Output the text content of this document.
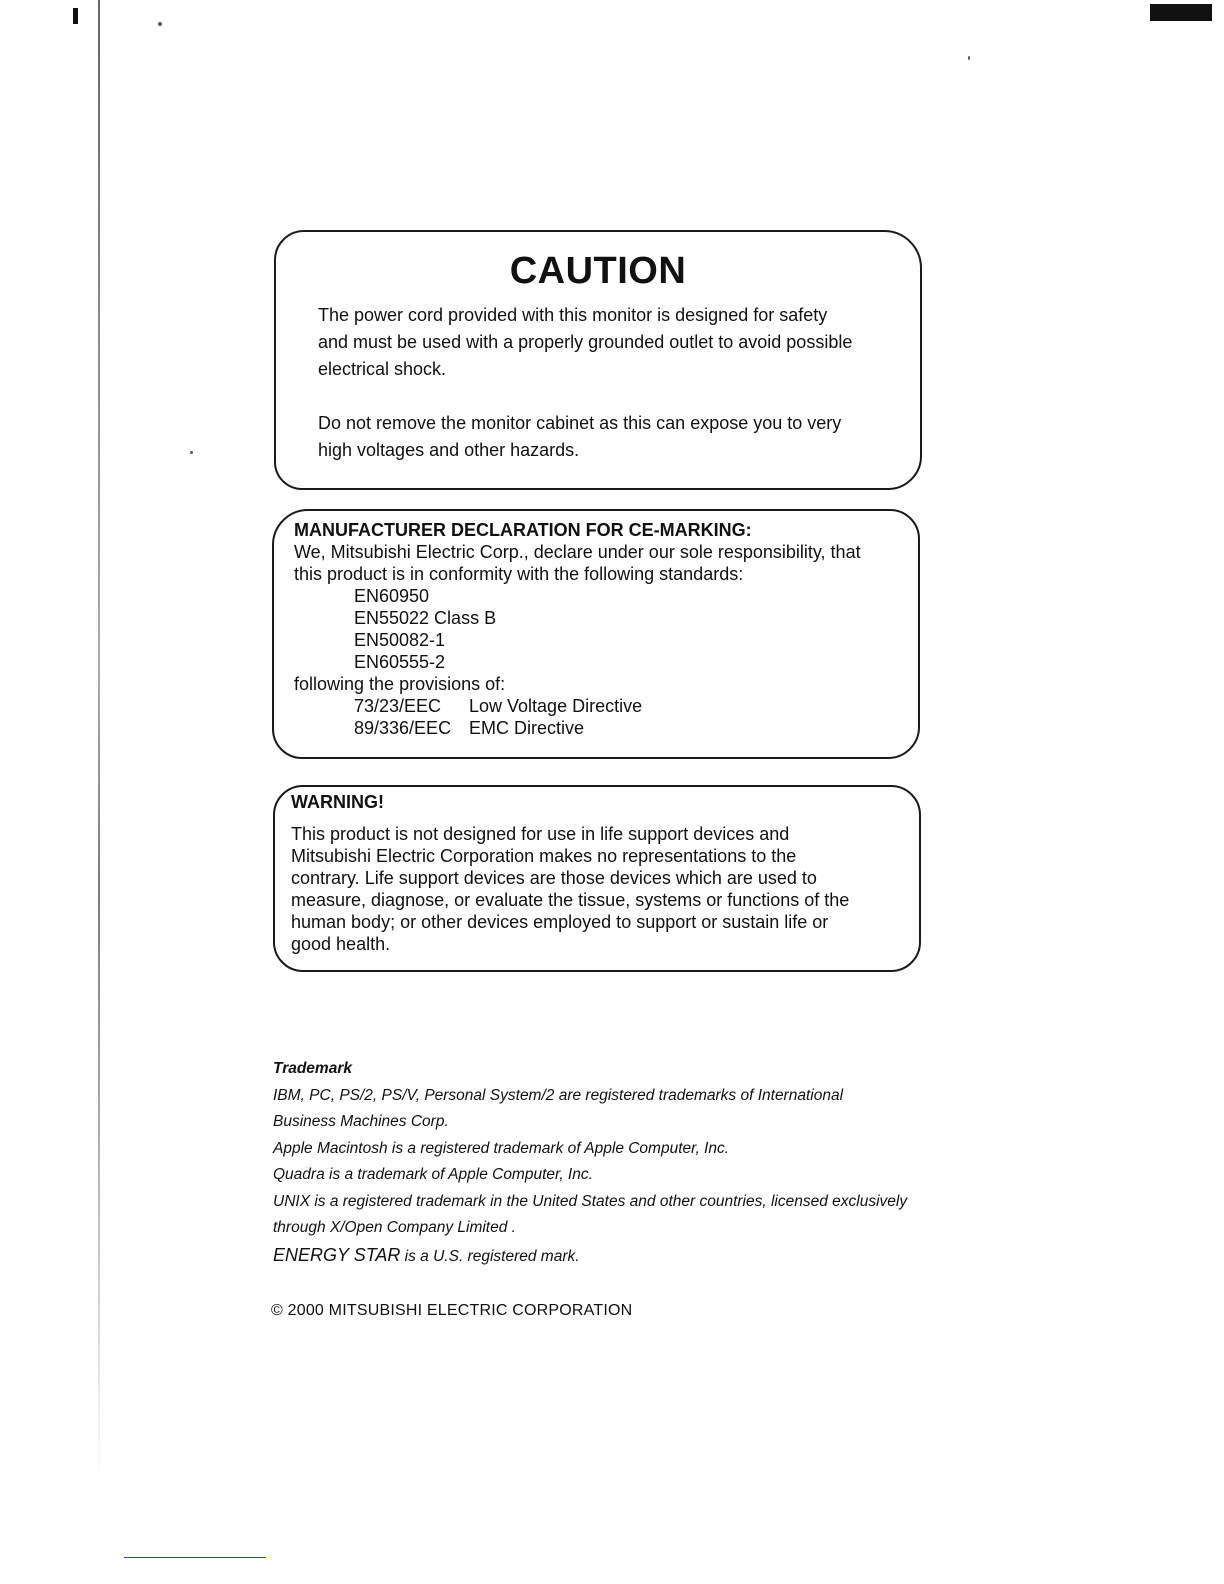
CAUTION
The power cord provided with this monitor is designed for safety
and must be used with a properly grounded outlet to avoid possible
electrical shock.
Do not remove the monitor cabinet as this can expose you to very
high voltages and other hazards.
MANUFACTURER DECLARATION FOR CE-MARKING:
We, Mitsubishi Electric Corp., declare under our sole responsibility, that
this product is in conformity with the following standards:
EN60950
EN55022 Class B
EN50082-1
EN60555-2
following the provisions of:
73/23/EEC Low Voltage Directive
89/336/EEC EMC Directive
WARNING!
This product is not designed for use in life support devices and
Mitsubishi Electric Corporation makes no representations to the
contrary. Life support devices are those devices which are used to
measure, diagnose, or evaluate the tissue, systems or functions of the
human body; or other devices employed to support or sustain life or
good health.
Trademark
IBM, PC, PS/2, PS/V, Personal System/2 are registered trademarks of International
Business Machines Corp.
Apple Macintosh is a registered trademark of Apple Computer, Inc.
Quadra is a trademark of Apple Computer, Inc.
UNIX is a registered trademark in the United States and other countries, licensed exclusively
through X/Open Company Limited .
ENERGY STAR is a U.S. registered mark.
© 2000 MITSUBISHI ELECTRIC CORPORATION
